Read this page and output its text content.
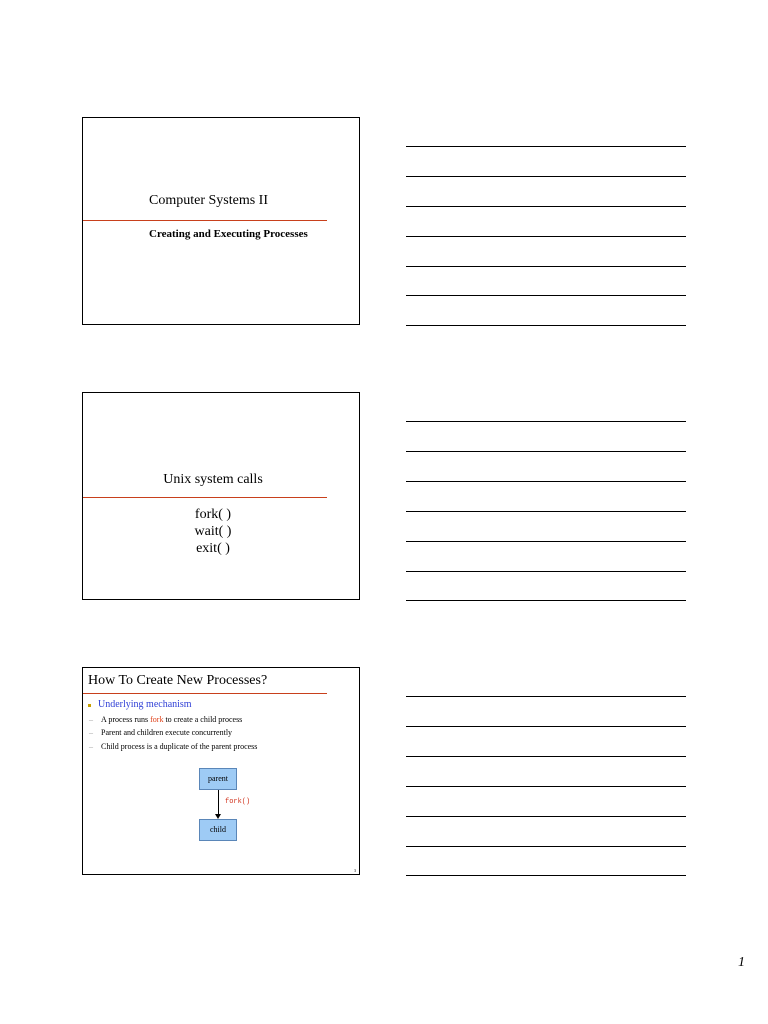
Computer Systems II
Creating and Executing Processes
Unix system calls
fork( )
wait( )
exit( )
How To Create New Processes?
Underlying mechanism
– A process runs fork to create a child process
– Parent and children execute concurrently
– Child process is a duplicate of the parent process
parent
fork()
child
3
1
